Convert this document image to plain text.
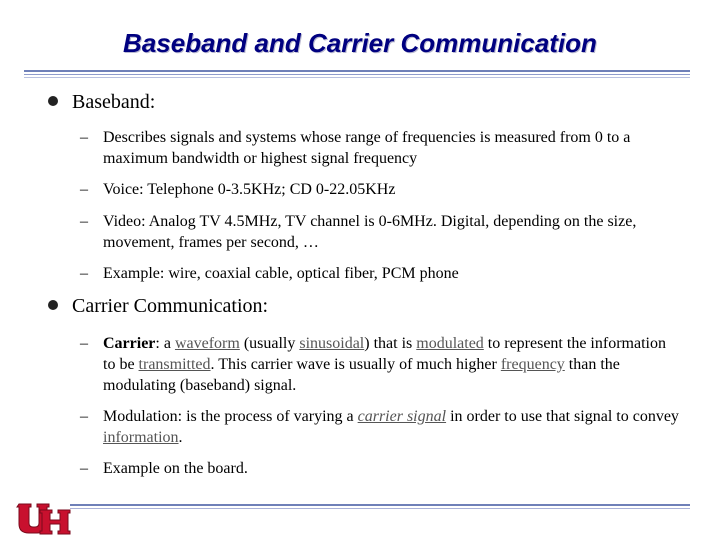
Baseband and Carrier Communication
Baseband:
– Describes signals and systems whose range of frequencies is measured from 0 to a maximum bandwidth or highest signal frequency
– Voice: Telephone 0-3.5KHz; CD 0-22.05KHz
– Video: Analog TV 4.5MHz, TV channel is 0-6MHz. Digital, depending on the size, movement, frames per second, …
– Example: wire, coaxial cable, optical fiber, PCM phone
Carrier Communication:
– Carrier: a waveform (usually sinusoidal) that is modulated to represent the information to be transmitted. This carrier wave is usually of much higher frequency than the modulating (baseband) signal.
– Modulation: is the process of varying a carrier signal in order to use that signal to convey information.
– Example on the board.
